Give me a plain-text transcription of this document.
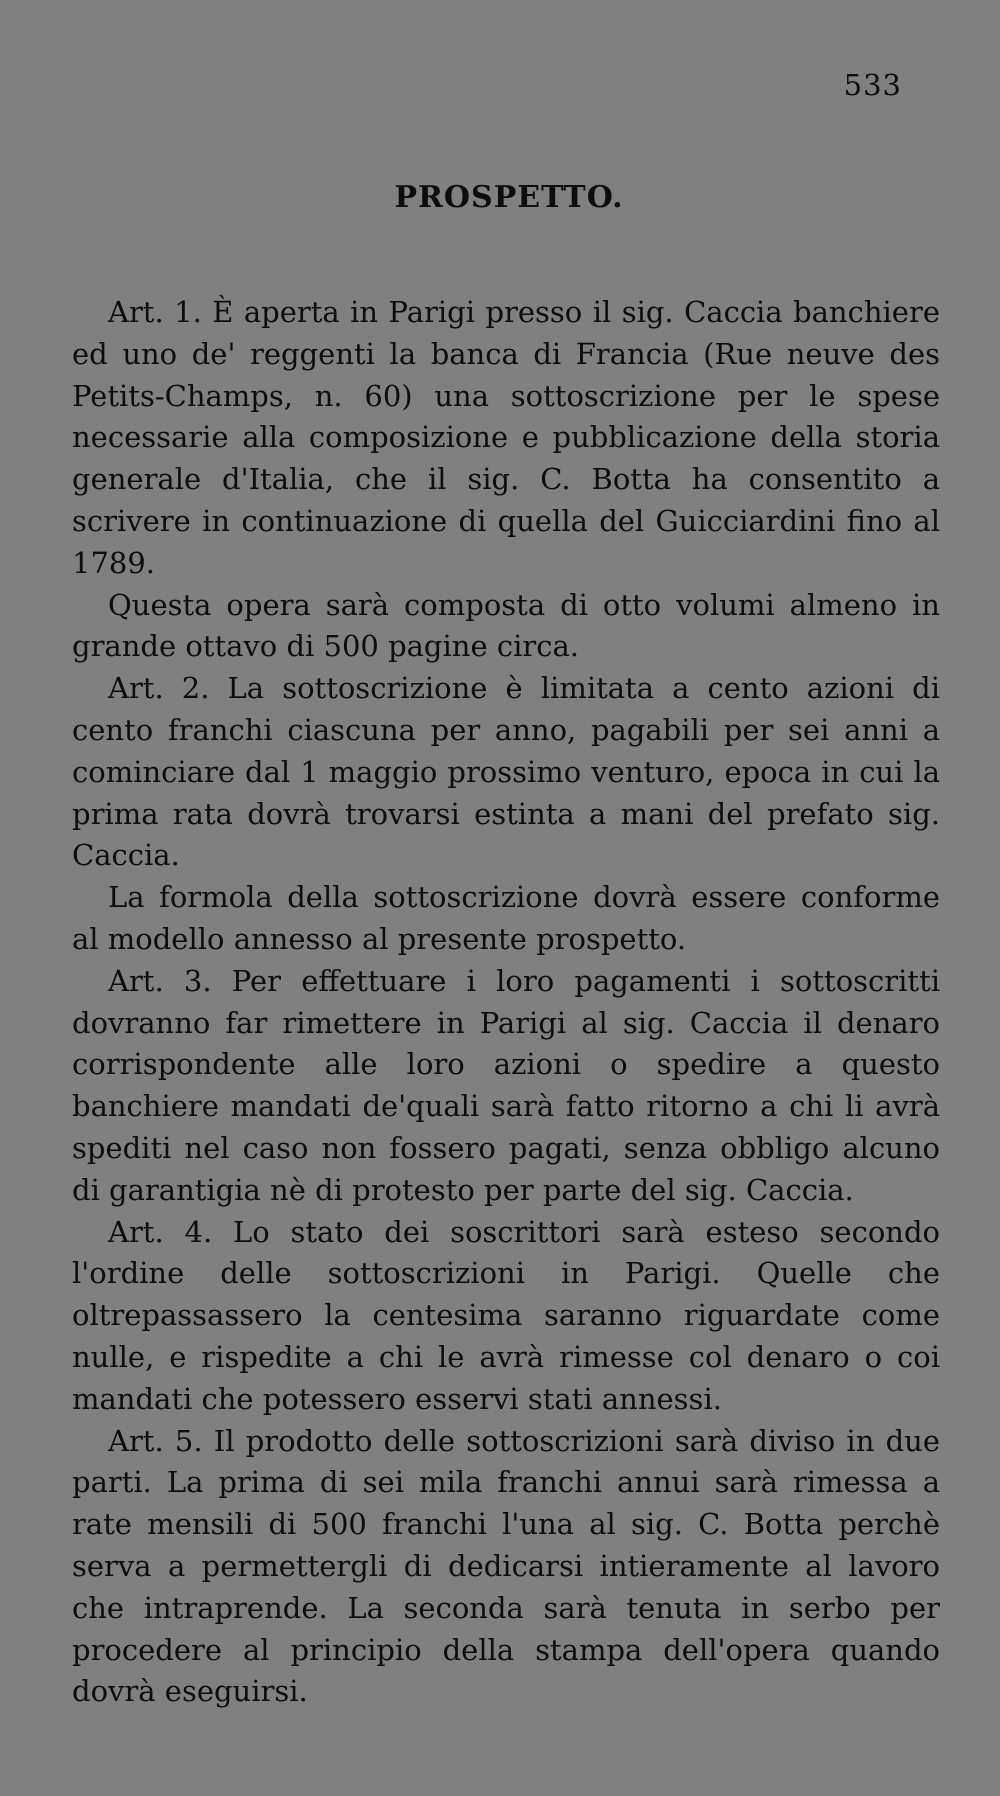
533
PROSPETTO.

Art. 1. È aperta in Parigi presso il sig. Caccia banchiere ed uno de' reggenti la banca di Francia (Rue neuve des Petits-Champs, n. 60) una sottoscrizione per le spese necessarie alla composizione e pubblicazione della storia generale d'Italia, che il sig. C. Botta ha consentito a scrivere in continuazione di quella del Guicciardini fino al 1789.

Questa opera sarà composta di otto volumi almeno in grande ottavo di 500 pagine circa.

Art. 2. La sottoscrizione è limitata a cento azioni di cento franchi ciascuna per anno, pagabili per sei anni a cominciare dal 1 maggio prossimo venturo, epoca in cui la prima rata dovrà trovarsi estinta a mani del prefato sig. Caccia.

La formola della sottoscrizione dovrà essere conforme al modello annesso al presente prospetto.

Art. 3. Per effettuare i loro pagamenti i sottoscritti dovranno far rimettere in Parigi al sig. Caccia il denaro corrispondente alle loro azioni o spedire a questo banchiere mandati de'quali sarà fatto ritorno a chi li avrà spediti nel caso non fossero pagati, senza obbligo alcuno di garantigia nè di protesto per parte del sig. Caccia.

Art. 4. Lo stato dei soscrittori sarà esteso secondo l'ordine delle sottoscrizioni in Parigi. Quelle che oltrepassassero la centesima saranno riguardate come nulle, e rispedite a chi le avrà rimesse col denaro o coi mandati che potessero esservi stati annessi.

Art. 5. Il prodotto delle sottoscrizioni sarà diviso in due parti. La prima di sei mila franchi annui sarà rimessa a rate mensili di 500 franchi l'una al sig. C. Botta perchè serva a permettergli di dedicarsi intieramente al lavoro che intraprende. La seconda sarà tenuta in serbo per procedere al principio della stampa dell'opera quando dovrà eseguirsi.
